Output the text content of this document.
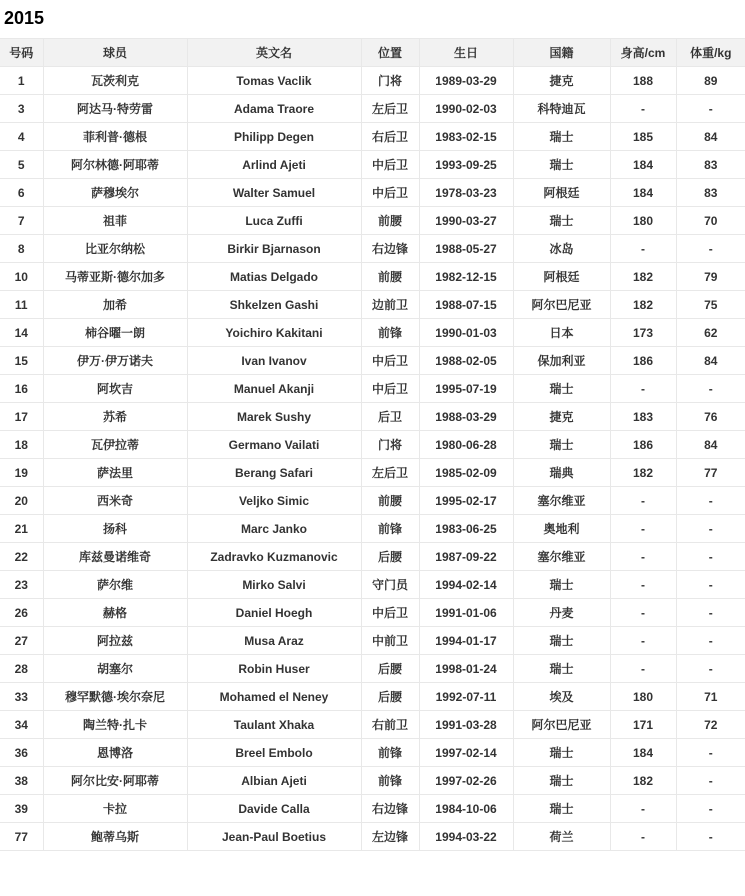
2015
号码	球员	英文名	位置	生日	国籍	身高/cm	体重/kg
1	瓦茨利克	Tomas Vaclik	门将	1989-03-29	捷克	188	89
3	阿达马·特劳雷	Adama Traore	左后卫	1990-02-03	科特迪瓦	-	-
4	菲利普·德根	Philipp Degen	右后卫	1983-02-15	瑞士	185	84
5	阿尔林德·阿耶蒂	Arlind Ajeti	中后卫	1993-09-25	瑞士	184	83
6	萨穆埃尔	Walter Samuel	中后卫	1978-03-23	阿根廷	184	83
7	祖菲	Luca Zuffi	前腰	1990-03-27	瑞士	180	70
8	比亚尔纳松	Birkir Bjarnason	右边锋	1988-05-27	冰岛	-	-
10	马蒂亚斯·德尔加多	Matias Delgado	前腰	1982-12-15	阿根廷	182	79
11	加希	Shkelzen Gashi	边前卫	1988-07-15	阿尔巴尼亚	182	75
14	柿谷曜一朗	Yoichiro Kakitani	前锋	1990-01-03	日本	173	62
15	伊万·伊万诺夫	Ivan Ivanov	中后卫	1988-02-05	保加利亚	186	84
16	阿坎吉	Manuel Akanji	中后卫	1995-07-19	瑞士	-	-
17	苏希	Marek Sushy	后卫	1988-03-29	捷克	183	76
18	瓦伊拉蒂	Germano Vailati	门将	1980-06-28	瑞士	186	84
19	萨法里	Berang Safari	左后卫	1985-02-09	瑞典	182	77
20	西米奇	Veljko Simic	前腰	1995-02-17	塞尔维亚	-	-
21	扬科	Marc Janko	前锋	1983-06-25	奥地利	-	-
22	库兹曼诺维奇	Zadravko Kuzmanovic	后腰	1987-09-22	塞尔维亚	-	-
23	萨尔维	Mirko Salvi	守门员	1994-02-14	瑞士	-	-
26	赫格	Daniel Hoegh	中后卫	1991-01-06	丹麦	-	-
27	阿拉兹	Musa Araz	中前卫	1994-01-17	瑞士	-	-
28	胡塞尔	Robin Huser	后腰	1998-01-24	瑞士	-	-
33	穆罕默德·埃尔奈尼	Mohamed el Neney	后腰	1992-07-11	埃及	180	71
34	陶兰特·扎卡	Taulant Xhaka	右前卫	1991-03-28	阿尔巴尼亚	171	72
36	恩博洛	Breel Embolo	前锋	1997-02-14	瑞士	184	-
38	阿尔比安·阿耶蒂	Albian Ajeti	前锋	1997-02-26	瑞士	182	-
39	卡拉	Davide Calla	右边锋	1984-10-06	瑞士	-	-
77	鲍蒂乌斯	Jean-Paul Boetius	左边锋	1994-03-22	荷兰	-	-
